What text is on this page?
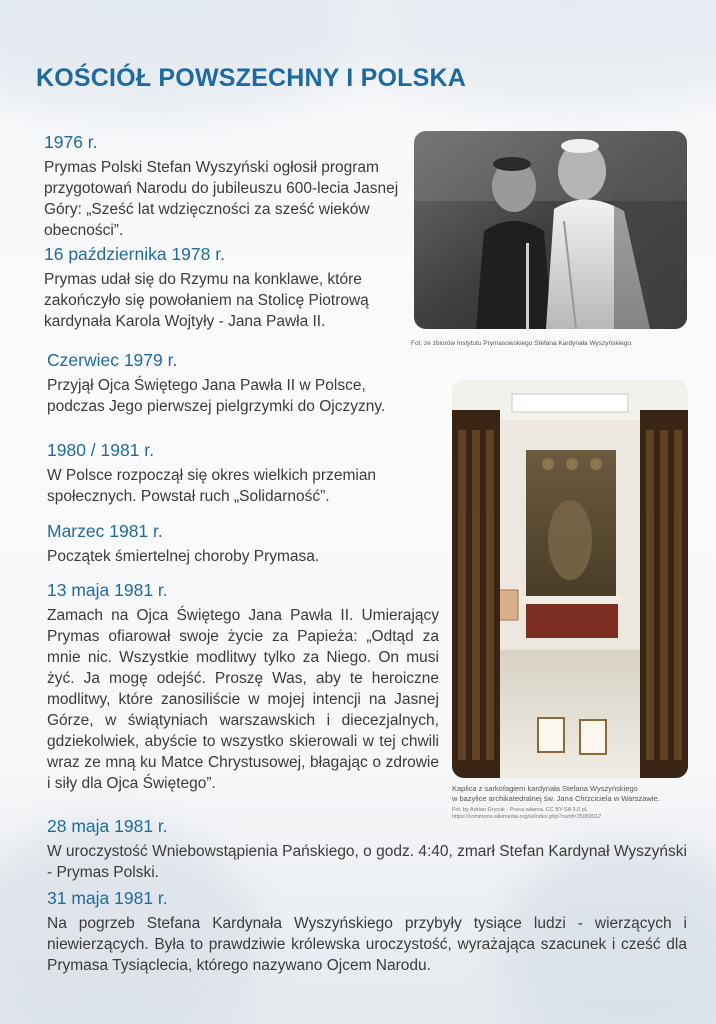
KOŚCIÓŁ POWSZECHNY I POLSKA
1976 r.
Prymas Polski Stefan Wyszyński ogłosił program przygotowań Narodu do jubileuszu 600-lecia Jasnej Góry: „Sześć lat wdzięczności za sześć wieków obecności”.
16 października 1978 r.
Prymas udał się do Rzymu na konklawe, które zakończyło się powołaniem na Stolicę Piotrową kardynała Karola Wojtyły - Jana Pawła II.
Fot. ze zbiorów Instytutu Prymasowskiego Stefana Kardynała Wyszyńskiego.
Czerwiec 1979 r.
Przyjął Ojca Świętego Jana Pawła II w Polsce, podczas Jego pierwszej pielgrzymki do Ojczyzny.
1980 / 1981 r.
W Polsce rozpoczął się okres wielkich przemian społecznych. Powstał ruch „Solidarność”.
Marzec 1981 r.
Początek śmiertelnej choroby Prymasa.
13 maja 1981 r.
Zamach na Ojca Świętego Jana Pawła II. Umierający Prymas ofiarował swoje życie za Papieża: „Odtąd za mnie nic. Wszystkie modlitwy tylko za Niego. On musi żyć. Ja mogę odejść. Proszę Was, aby te heroiczne modlitwy, które zanosiliście w mojej intencji na Jasnej Górze, w świątyniach warszawskich i diecezjalnych, gdziekolwiek, abyście to wszystko skierowali w tej chwili wraz ze mną ku Matce Chrystusowej, błagając o zdrowie i siły dla Ojca Świętego”.	Kaplica z sarkofagiem kardynała Stefana Wyszyńskiego
w bazylice archikatedralnej św. Jana Chrzciciela w Warszawie.
Fot. by Adrian Grycuk - Praca własna, CC BY-SA 3.0 pl,
https://commons.wikimedia.org/w/index.php?curid=25069912
28 maja 1981 r.
W uroczystość Wniebowstąpienia Pańskiego, o godz. 4:40, zmarł Stefan Kardynał Wyszyński - Prymas Polski.
31 maja 1981 r.
Na pogrzeb Stefana Kardynała Wyszyńskiego przybyły tysiące ludzi - wierzących i niewierzących. Była to prawdziwie królewska uroczystość, wyrażająca szacunek i cześć dla Prymasa Tysiąclecia, którego nazywano Ojcem Narodu.
